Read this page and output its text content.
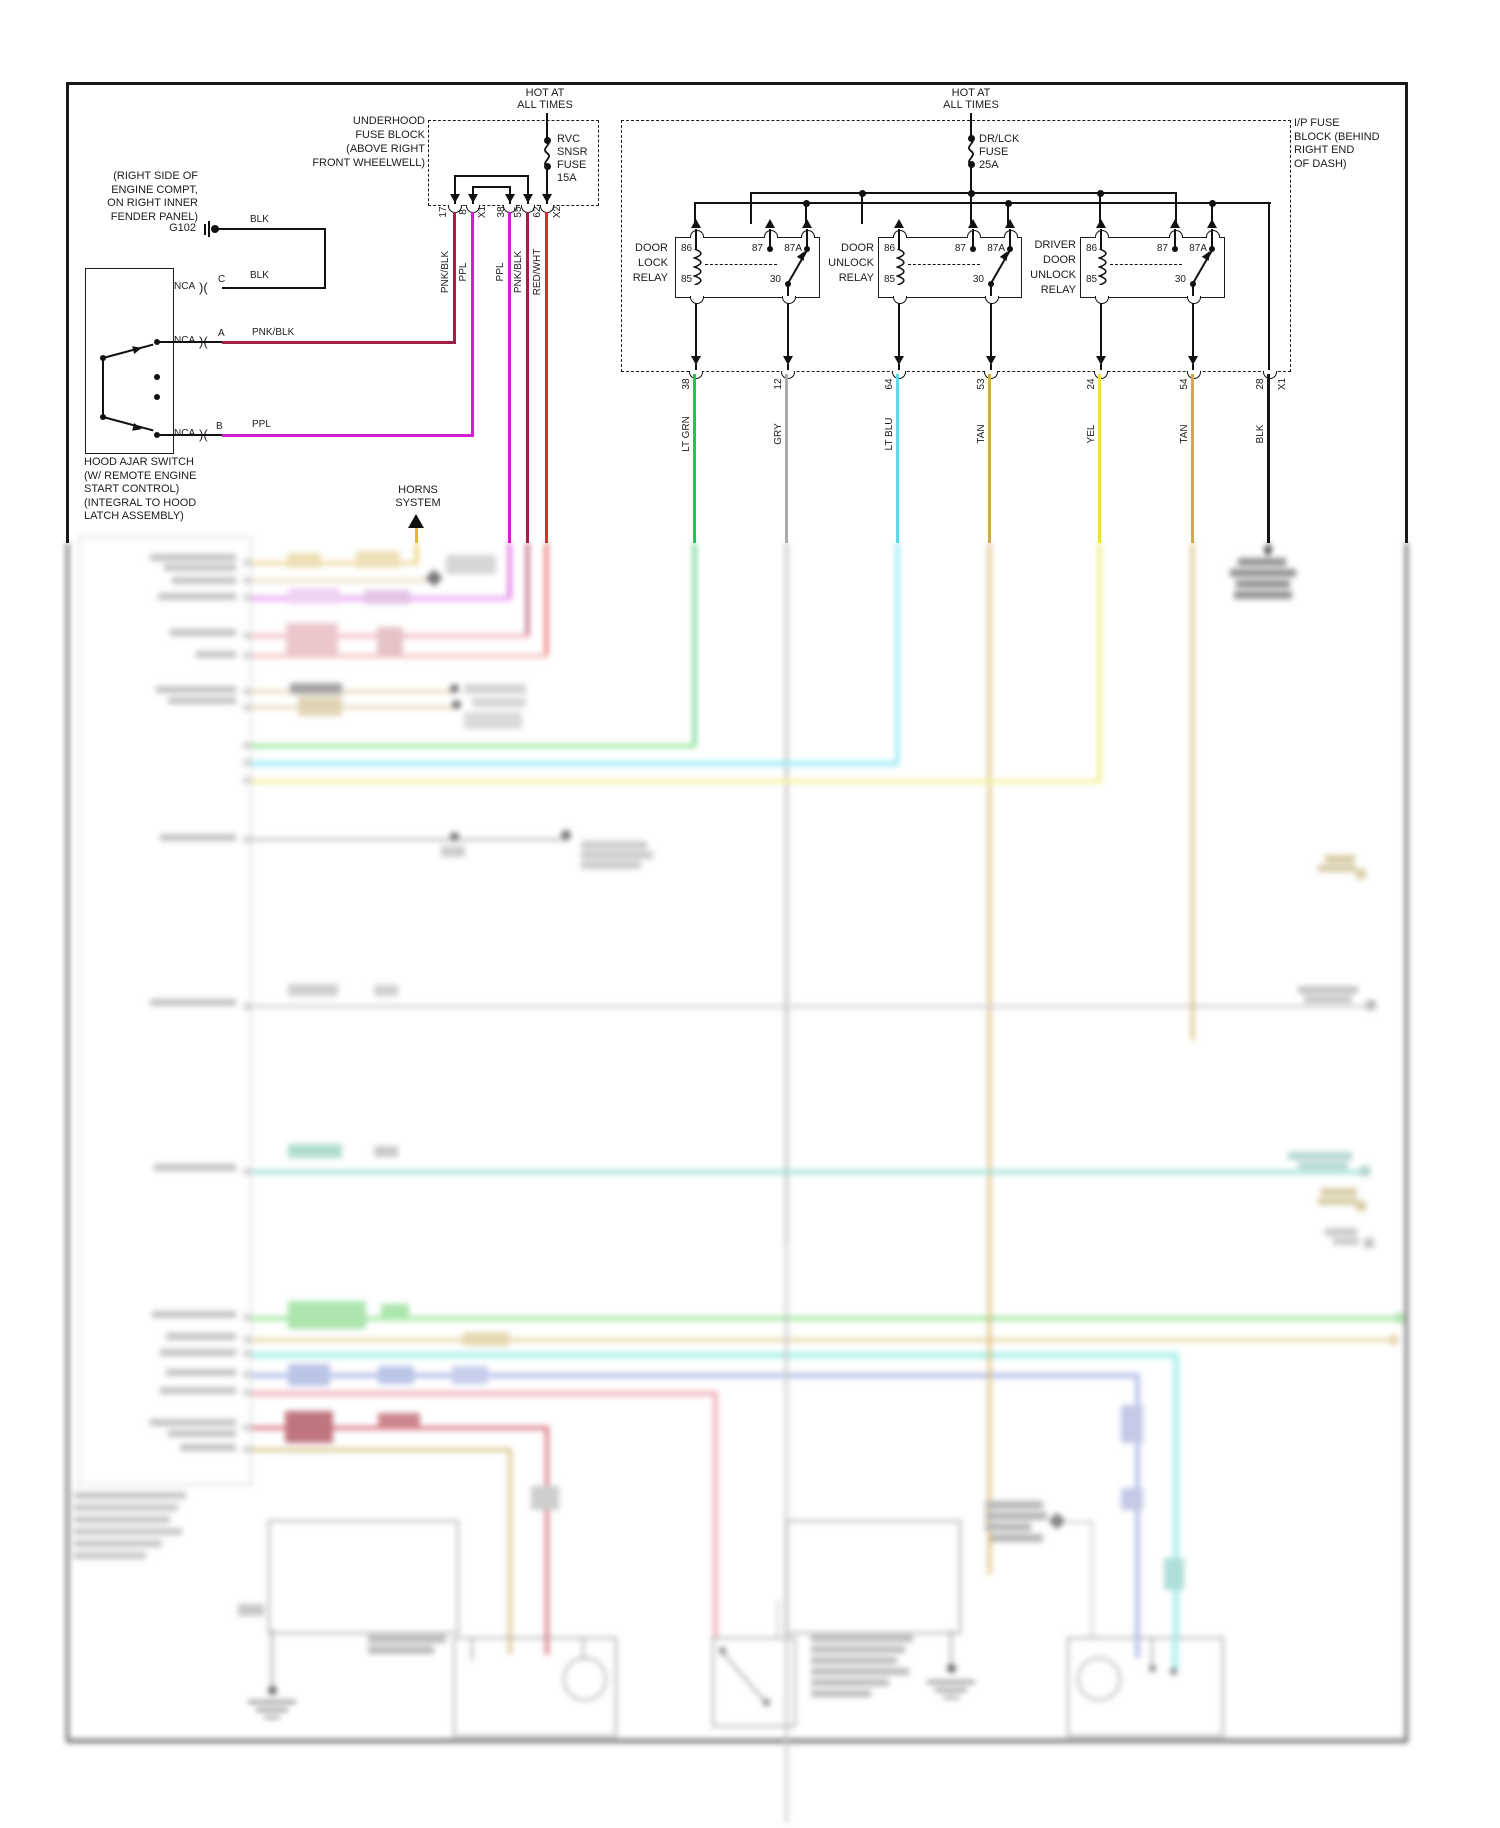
(RIGHT SIDE OF
ENGINE COMPT,
ON RIGHT INNER
FENDER PANEL)
G102
HOOD AJAR SWITCH
(W/ REMOTE ENGINE
START CONTROL)
(INTEGRAL TO HOOD
LATCH ASSEMBLY)
UNDERHOOD
FUSE BLOCK
(ABOVE RIGHT
FRONT WHEELWELL)
HOT AT
ALL TIMES
RVC
SNSR
FUSE
15A
HOT AT
ALL TIMES
DR/LCK
FUSE
25A
I/P FUSE
BLOCK (BEHIND
RIGHT END
OF DASH)
DOOR
LOCK
RELAY
DOOR
UNLOCK
RELAY
DRIVER
DOOR
UNLOCK
RELAY
HORNS
SYSTEM
NCA )(
C
A
B
BLK
BLK
PNK/BLK
PPL
86	87	87A
85	30
86	87	87A
85	30
86	87	87A
85	30
17 8 X1 38 55 62 X2
PNK/BLK PPL	PPL PNK/BLK RED/WHT
38	12	64	53	24	54	28 X1
LT GRN	GRY	LT BLU	TAN	YEL	TAN	BLK
